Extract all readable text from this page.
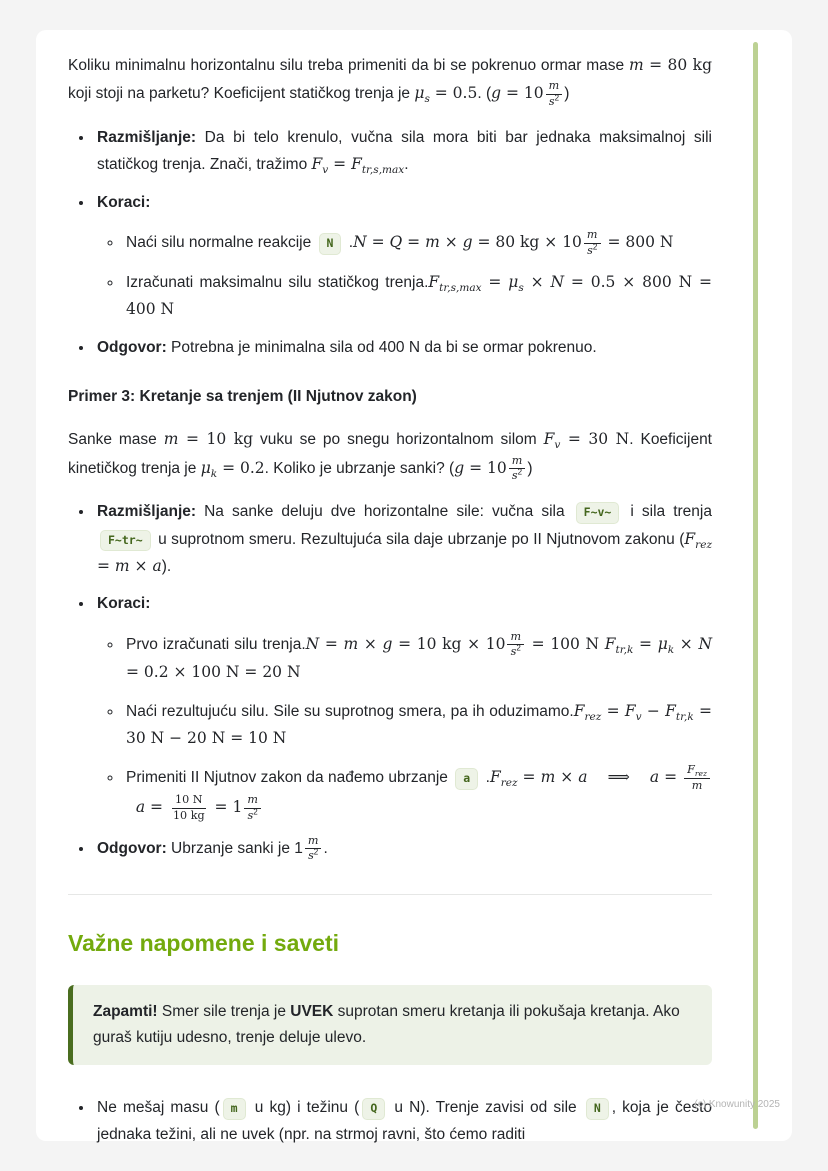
Koliku minimalnu horizontalnu silu treba primeniti da bi se pokrenuo ormar mase m = 80 kg koji stoji na parketu? Koeficijent statičkog trenja je $\mu_s = 0.5$. ($g = 10 \frac{m}{s^2}$ )

• Razmišljanje: Da bi telo krenulo, vučna sila mora biti bar jednaka maksimalnoj sili statičkog trenja. Znači, tražimo $F_v = F_{tr,s,max}$.
• Koraci:
◦ Naći silu normalne reakcije N .N = Q = m × g = 80 kg × $10 \frac{m}{s^2} = 800$ N
◦ Izračunati maksimalnu silu statičkog $trenja.F_{tr,s,max} = \mu_s \times N = 0.5 \times 800$ N = 400 N
• Odgovor: Potrebna je minimalna sila od 400 N da bi se ormar pokrenuo.
Primer 3: Kretanje sa trenjem (II Njutnov zakon)

Sanke mase m = 10 kg vuku se po snegu horizontalnom silom $F_v = 30$ N. Koeficijent kinetičkog trenja je $\mu_k = 0.2$. Koliko je ubrzanje sanki? ($g = 10 \frac{m}{s^2}$ )

• Razmišljanje: Na sanke deluju dve horizontalne sile: vučna sila F~v~ i sila trenja F~tr~ u suprotnom smeru. Rezultujuća sila daje ubrzanje po II Njutnovom zakonu $(F_{rez} = m \times a)$.
• Koraci:
◦ Prvo izračunati silu trenja.N = m × g = 10 kg × $10 \frac{m}{s^2} = 100$ N $F_{tr,k} = \mu_k \times N = 0.2 \times 100$ N = 20 N
◦ Naći rezultujuću silu. Sile su suprotnog smera, pa ih $oduzimamo.F_{rez} = F_v - F_{tr,k} = 30$ N − 20 N = 10 N
◦ Primeniti II Njutnov zakon da nađemo ubrzanje a $.F_{rez} = m \times a$    ⟹    $a = \frac{F_{rez}}{m}$
$a = \frac{10 N}{10 kg} = 1 \frac{m}{s^2}$
• Odgovor: Ubrzanje sanki je $1 \frac{m}{s^2}$ .
Važne napomene i saveti

Zapamti! Smer sile trenja je UVEK suprotan smeru kretanja ili pokušaja kretanja. Ako guraš kutiju udesno, trenje deluje ulevo.

• Ne mešaj masu ( m u kg) i težinu ( Q u N). Trenje zavisi od sile N , koja je često jednaka težini, ali ne uvek (npr. na strmoj ravni, što ćemo raditi
(c) Knowunity 2025
